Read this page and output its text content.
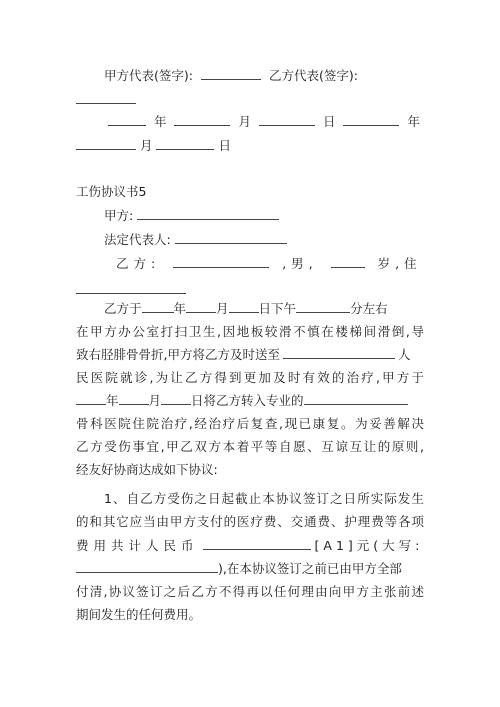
甲方代表(签字):	乙方代表(签字):
年	月	日	年
月	日
工伤协议书5
甲方:
法定代表人:
乙方:	,男,	岁,住
乙方于	年 月 日下午	分左右
在甲方办公室打扫卫生,因地板较滑不慎在楼梯间滑倒,导
致右胫腓骨骨折,甲方将乙方及时送至	人
民医院就诊,为让乙方得到更加及时有效的治疗,甲方于
年 月 日将乙方转入专业的
骨科医院住院治疗,经治疗后复查,现已康复。为妥善解决
乙方受伤事宜,甲乙双方本着平等自愿、互谅互让的原则,
经友好协商达成如下协议:
1、自乙方受伤之日起截止本协议签订之日所实际发生
的和其它应当由甲方支付的医疗费、交通费、护理费等各项
费用共计人民币	[A1]元(大写:
),在本协议签订之前已由甲方全部
付清,协议签订之后乙方不得再以任何理由向甲方主张前述
期间发生的任何费用。
